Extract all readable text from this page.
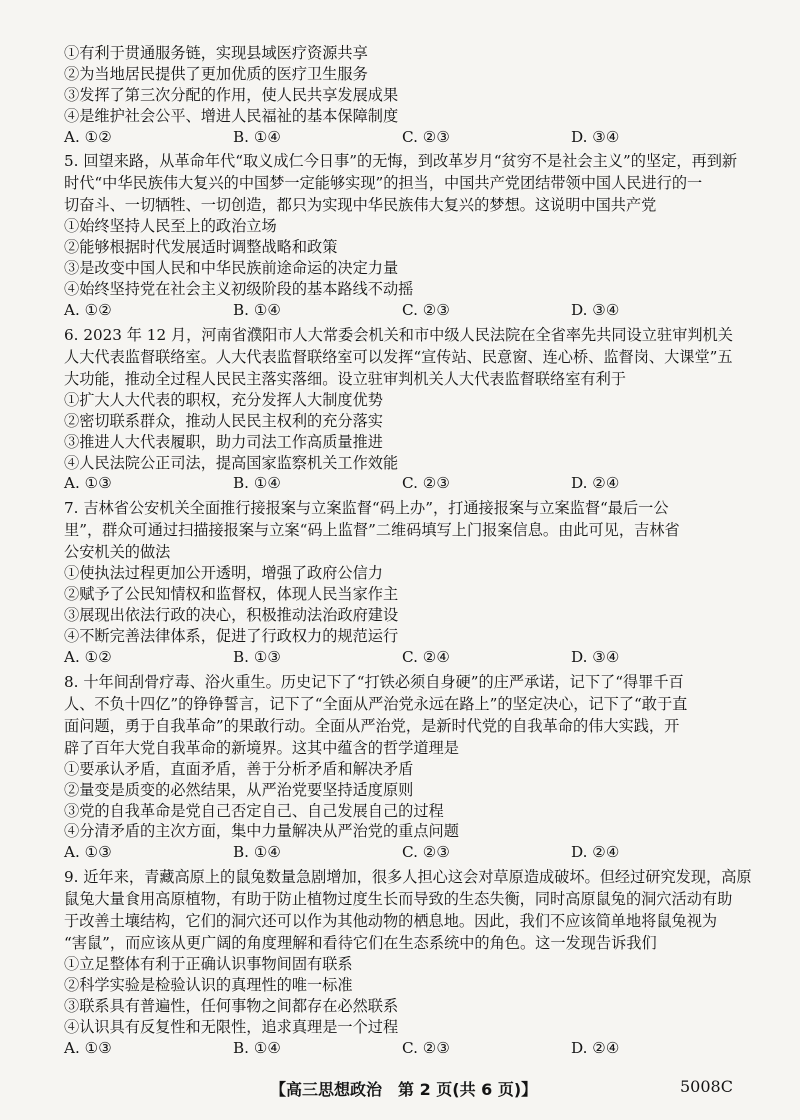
①有利于贯通服务链，实现县域医疗资源共享
②为当地居民提供了更加优质的医疗卫生服务
③发挥了第三次分配的作用，使人民共享发展成果
④是维护社会公平、增进人民福祉的基本保障制度
A. ①②	B. ①④	C. ②③	D. ③④
5. 回望来路，从革命年代“取义成仁今日事”的无悔，到改革岁月“贫穷不是社会主义”的坚定，再到新
时代“中华民族伟大复兴的中国梦一定能够实现”的担当，中国共产党团结带领中国人民进行的一
切奋斗、一切牺牲、一切创造，都只为实现中华民族伟大复兴的梦想。这说明中国共产党
①始终坚持人民至上的政治立场
②能够根据时代发展适时调整战略和政策
③是改变中国人民和中华民族前途命运的决定力量
④始终坚持党在社会主义初级阶段的基本路线不动摇
A. ①②	B. ①④	C. ②③	D. ③④
6. 2023 年 12 月，河南省濮阳市人大常委会机关和市中级人民法院在全省率先共同设立驻审判机关
人大代表监督联络室。人大代表监督联络室可以发挥“宣传站、民意窗、连心桥、监督岗、大课堂”五
大功能，推动全过程人民民主落实落细。设立驻审判机关人大代表监督联络室有利于
①扩大人大代表的职权，充分发挥人大制度优势
②密切联系群众，推动人民民主权利的充分落实
③推进人大代表履职，助力司法工作高质量推进
④人民法院公正司法，提高国家监察机关工作效能
A. ①③	B. ①④	C. ②③	D. ②④
7. 吉林省公安机关全面推行接报案与立案监督“码上办”，打通接报案与立案监督“最后一公
里”，群众可通过扫描接报案与立案“码上监督”二维码填写上门报案信息。由此可见，吉林省
公安机关的做法
①使执法过程更加公开透明，增强了政府公信力
②赋予了公民知情权和监督权，体现人民当家作主
③展现出依法行政的决心，积极推动法治政府建设
④不断完善法律体系，促进了行政权力的规范运行
A. ①②	B. ①③	C. ②④	D. ③④
8. 十年间刮骨疗毒、浴火重生。历史记下了“打铁必须自身硬”的庄严承诺，记下了“得罪千百
人、不负十四亿”的铮铮誓言，记下了“全面从严治党永远在路上”的坚定决心，记下了“敢于直
面问题，勇于自我革命”的果敢行动。全面从严治党，是新时代党的自我革命的伟大实践，开
辟了百年大党自我革命的新境界。这其中蕴含的哲学道理是
①要承认矛盾，直面矛盾，善于分析矛盾和解决矛盾
②量变是质变的必然结果，从严治党要坚持适度原则
③党的自我革命是党自己否定自己、自己发展自己的过程
④分清矛盾的主次方面，集中力量解决从严治党的重点问题
A. ①③	B. ①④	C. ②③	D. ②④
9. 近年来，青藏高原上的鼠兔数量急剧增加，很多人担心这会对草原造成破坏。但经过研究发现，高原
鼠兔大量食用高原植物，有助于防止植物过度生长而导致的生态失衡，同时高原鼠兔的洞穴活动有助
于改善土壤结构，它们的洞穴还可以作为其他动物的栖息地。因此，我们不应该简单地将鼠兔视为
“害鼠”，而应该从更广阔的角度理解和看待它们在生态系统中的角色。这一发现告诉我们
①立足整体有利于正确认识事物间固有联系
②科学实验是检验认识的真理性的唯一标准
③联系具有普遍性，任何事物之间都存在必然联系
④认识具有反复性和无限性，追求真理是一个过程
A. ①③	B. ①④	C. ②③	D. ②④
【高三思想政治　第 2 页(共 6 页)】	5008C
